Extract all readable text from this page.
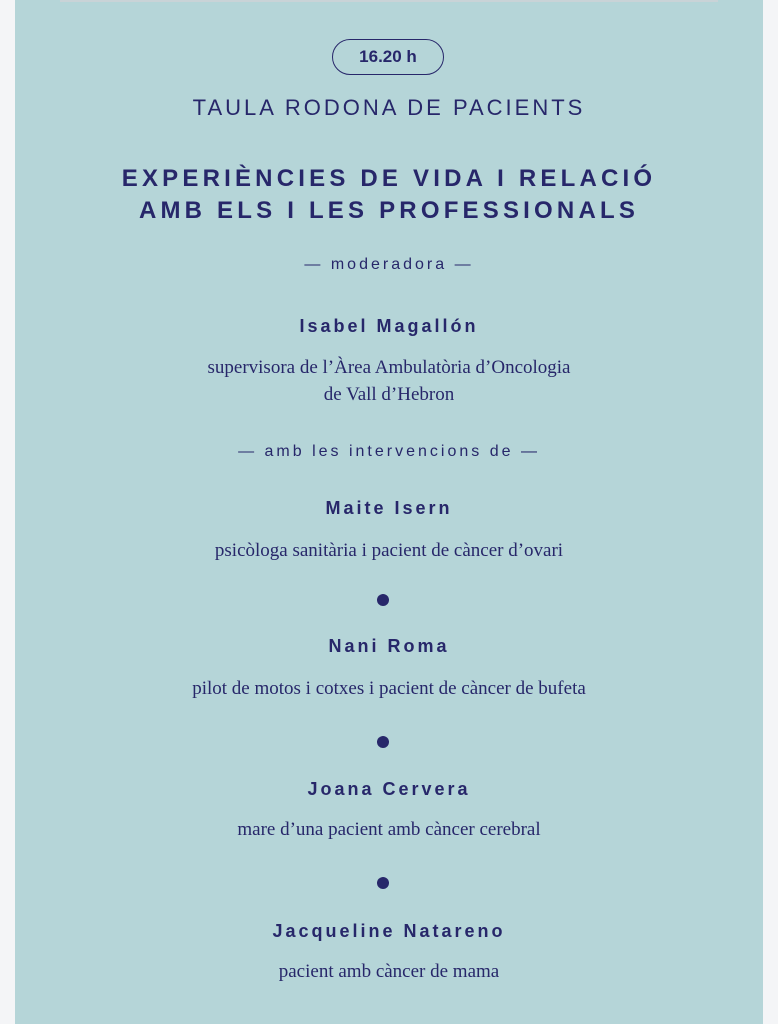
16.20 h
TAULA RODONA DE PACIENTS
EXPERIÈNCIES DE VIDA I RELACIÓ
AMB ELS I LES PROFESSIONALS
— moderadora —
Isabel Magallón
supervisora de l’Àrea Ambulatòria d’Oncologia
de Vall d’Hebron
— amb les intervencions de —
Maite Isern
psicòloga sanitària i pacient de càncer d’ovari
Nani Roma
pilot de motos i cotxes i pacient de càncer de bufeta
Joana Cervera
mare d’una pacient amb càncer cerebral
Jacqueline Natareno
pacient amb càncer de mama
